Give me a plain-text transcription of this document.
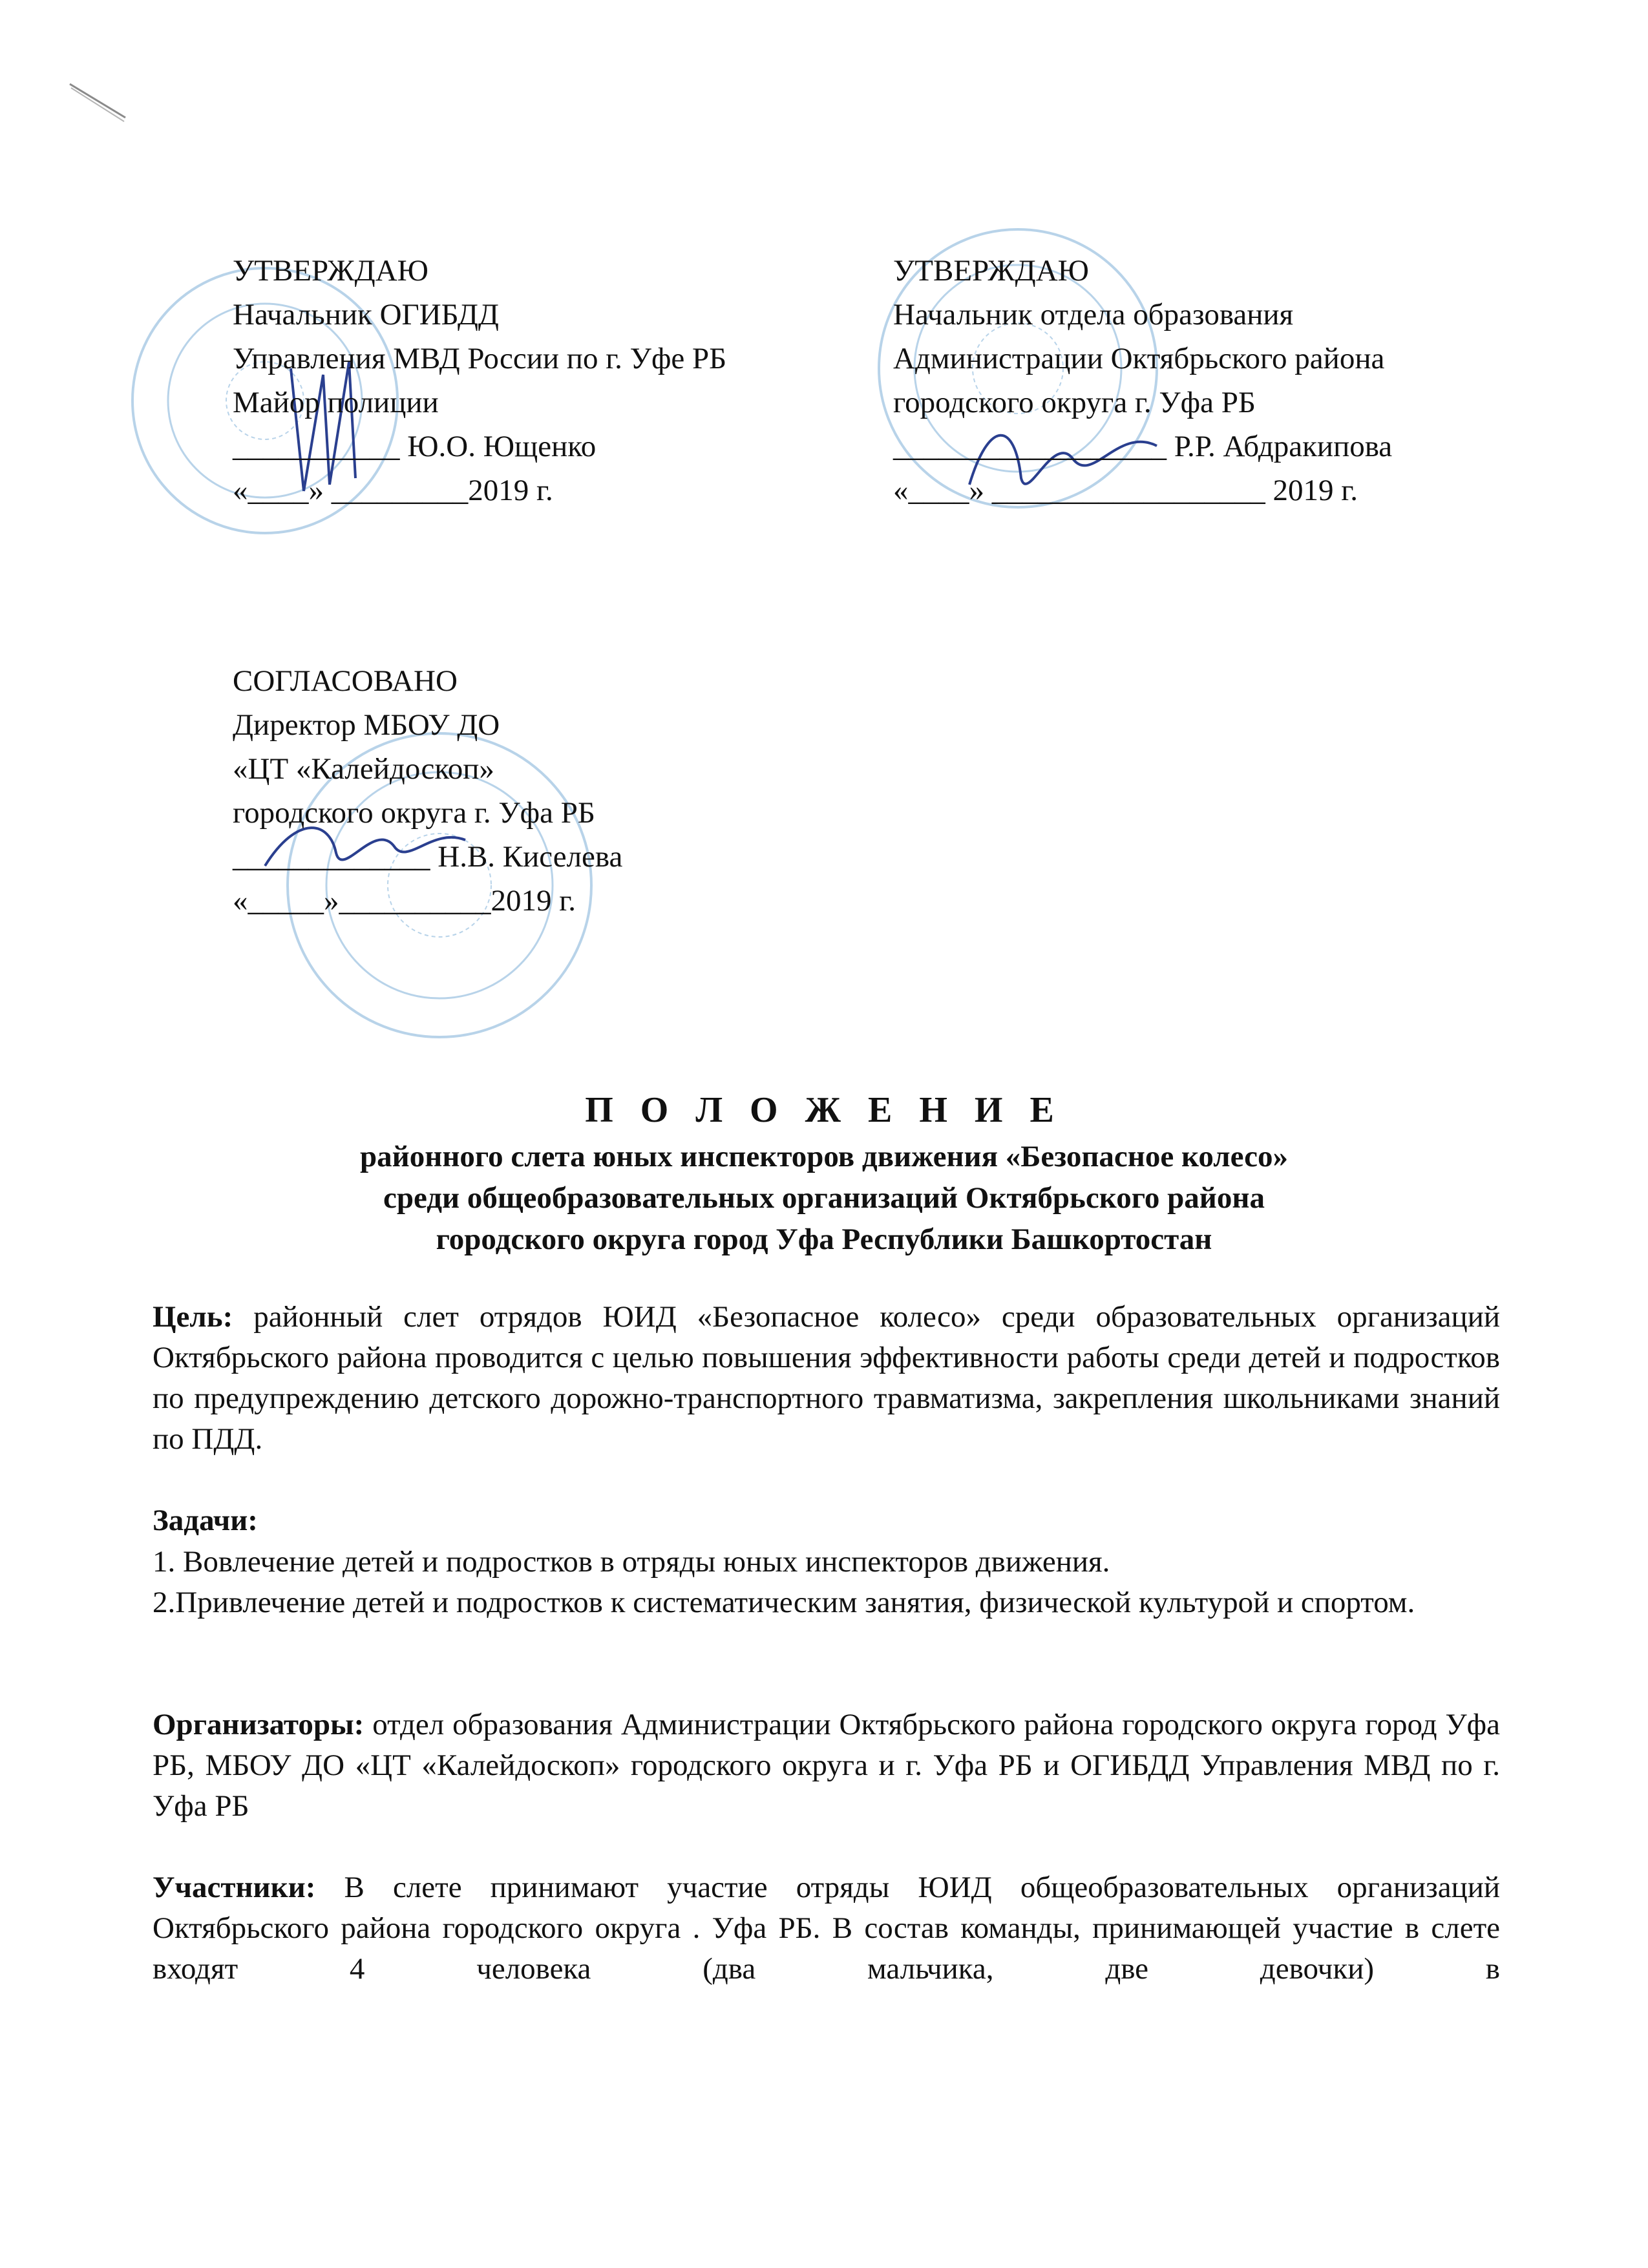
УТВЕРЖДАЮ
Начальник ОГИБДД
Управления МВД России по г. Уфе РБ
Майор полиции
___________ Ю.О. Ющенко
«____» _________2019 г.
УТВЕРЖДАЮ
Начальник отдела образования
Администрации Октябрьского района
городского округа г. Уфа РБ
__________________ Р.Р. Абдракипова
«____» __________________ 2019 г.
СОГЛАСОВАНО
Директор МБОУ ДО
«ЦТ «Калейдоскоп»
городского округа г. Уфа РБ
_____________ Н.В. Киселева
«_____»__________2019 г.
П О Л О Ж Е Н И Е
районного слета юных инспекторов движения «Безопасное колесо»
среди общеобразовательных организаций Октябрьского района
городского округа город Уфа Республики Башкортостан
Цель: районный слет отрядов ЮИД «Безопасное колесо» среди образовательных организаций Октябрьского района проводится с целью повышения эффективности работы среди детей и подростков по предупреждению детского дорожно-транспортного травматизма, закрепления школьниками знаний по ПДД.
Задачи:
1. Вовлечение детей и подростков в отряды юных инспекторов движения.
2.Привлечение детей и подростков к систематическим занятия, физической культурой и спортом.
Организаторы: отдел образования Администрации Октябрьского района городского округа город Уфа РБ, МБОУ ДО «ЦТ «Калейдоскоп» городского округа и г. Уфа РБ и ОГИБДД Управления МВД по г. Уфа РБ
Участники: В слете принимают участие отряды ЮИД общеобразовательных организаций Октябрьского района городского округа . Уфа РБ. В состав команды, принимающей участие в слете входят 4 человека (два мальчика, две девочки) в
